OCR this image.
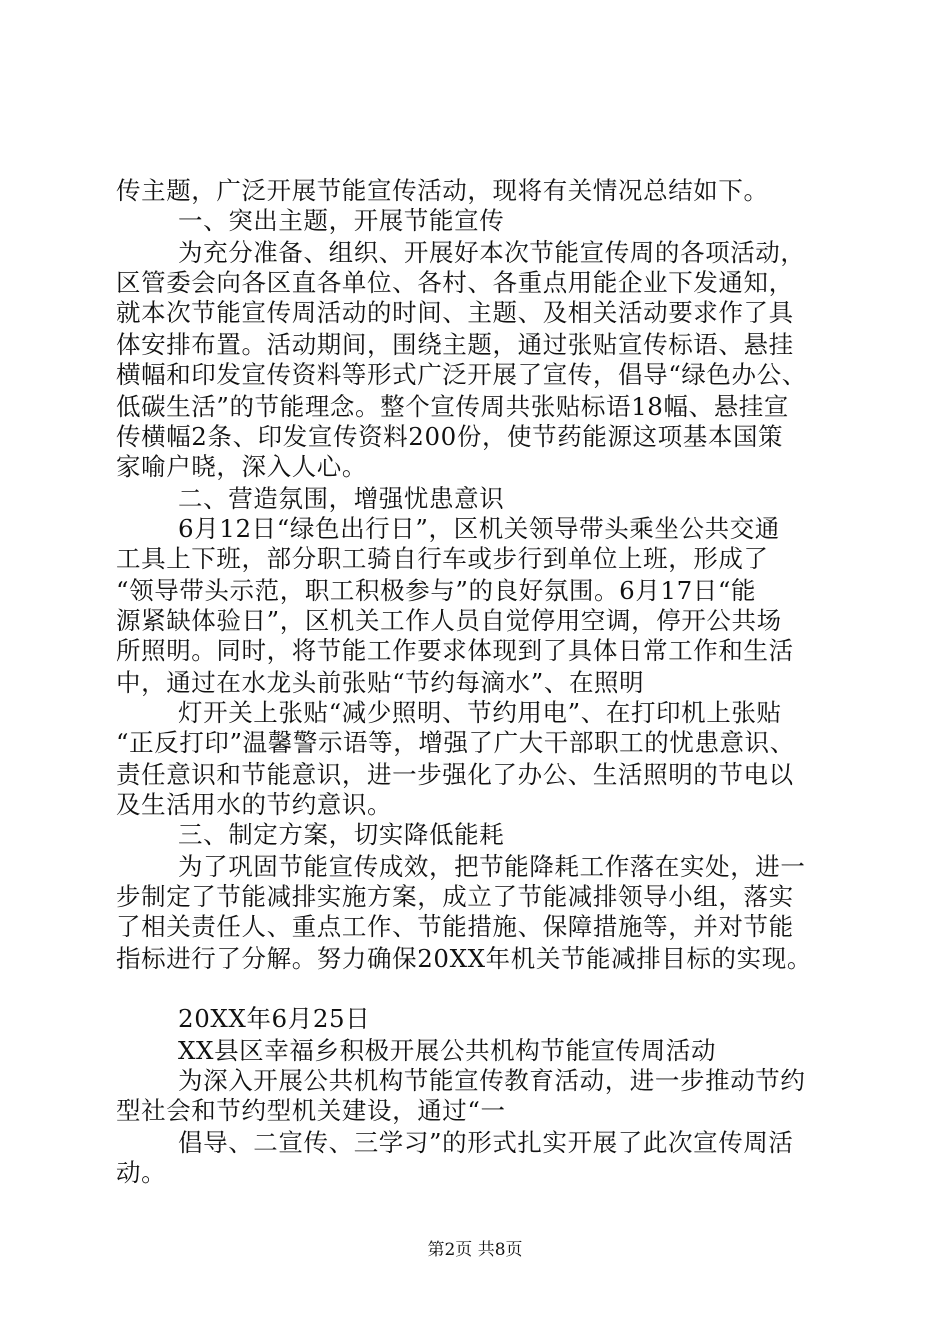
传主题，广泛开展节能宣传活动，现将有关情况总结如下。
一、突出主题，开展节能宣传
为充分准备、组织、开展好本次节能宣传周的各项活动，
区管委会向各区直各单位、各村、各重点用能企业下发通知，
就本次节能宣传周活动的时间、主题、及相关活动要求作了具
体安排布置。活动期间，围绕主题，通过张贴宣传标语、悬挂
横幅和印发宣传资料等形式广泛开展了宣传，倡导“绿色办公、
低碳生活”的节能理念。整个宣传周共张贴标语18幅、悬挂宣
传横幅2条、印发宣传资料200份，使节药能源这项基本国策
家喻户晓，深入人心。
二、营造氛围，增强忧患意识
6月12日“绿色出行日”，区机关领导带头乘坐公共交通
工具上下班，部分职工骑自行车或步行到单位上班，形成了
“领导带头示范，职工积极参与”的良好氛围。6月17日“能
源紧缺体验日”，区机关工作人员自觉停用空调，停开公共场
所照明。同时，将节能工作要求体现到了具体日常工作和生活
中，通过在水龙头前张贴“节约每滴水”、在照明
灯开关上张贴“减少照明、节约用电”、在打印机上张贴
“正反打印”温馨警示语等，增强了广大干部职工的忧患意识、
责任意识和节能意识，进一步强化了办公、生活照明的节电以
及生活用水的节约意识。
三、制定方案，切实降低能耗
为了巩固节能宣传成效，把节能降耗工作落在实处，进一
步制定了节能减排实施方案，成立了节能减排领导小组，落实
了相关责任人、重点工作、节能措施、保障措施等，并对节能
指标进行了分解。努力确保20XX年机关节能减排目标的实现。
20XX年6月25日
XX县区幸福乡积极开展公共机构节能宣传周活动
为深入开展公共机构节能宣传教育活动，进一步推动节约
型社会和节约型机关建设，通过“一
倡导、二宣传、三学习”的形式扎实开展了此次宣传周活
动。
第2页 共8页
